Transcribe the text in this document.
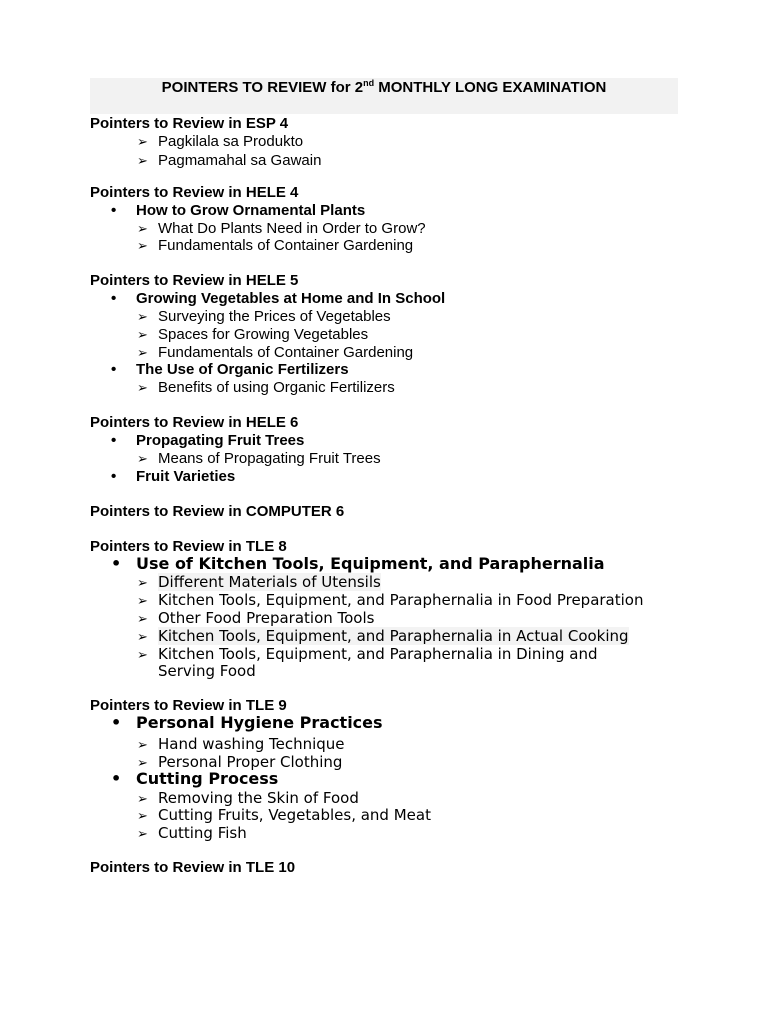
POINTERS TO REVIEW for 2nd MONTHLY LONG EXAMINATION
Pointers to Review in ESP 4
➢ Pagkilala sa Produkto
➢ Pagmamahal sa Gawain
Pointers to Review in HELE 4
• How to Grow Ornamental Plants
➢ What Do Plants Need in Order to Grow?
➢ Fundamentals of Container Gardening
Pointers to Review in HELE 5
• Growing Vegetables at Home and In School
➢ Surveying the Prices of Vegetables
➢ Spaces for Growing Vegetables
➢ Fundamentals of Container Gardening
• The Use of Organic Fertilizers
➢ Benefits of using Organic Fertilizers
Pointers to Review in HELE 6
• Propagating Fruit Trees
➢ Means of Propagating Fruit Trees
• Fruit Varieties
Pointers to Review in COMPUTER 6
Pointers to Review in TLE 8
• Use of Kitchen Tools, Equipment, and Paraphernalia
➢ Different Materials of Utensils
➢ Kitchen Tools, Equipment, and Paraphernalia in Food Preparation
➢ Other Food Preparation Tools
➢ Kitchen Tools, Equipment, and Paraphernalia in Actual Cooking
➢ Kitchen Tools, Equipment, and Paraphernalia in Dining and
Serving Food
Pointers to Review in TLE 9
• Personal Hygiene Practices
➢ Hand washing Technique
➢ Personal Proper Clothing
• Cutting Process
➢ Removing the Skin of Food
➢ Cutting Fruits, Vegetables, and Meat
➢ Cutting Fish
Pointers to Review in TLE 10
